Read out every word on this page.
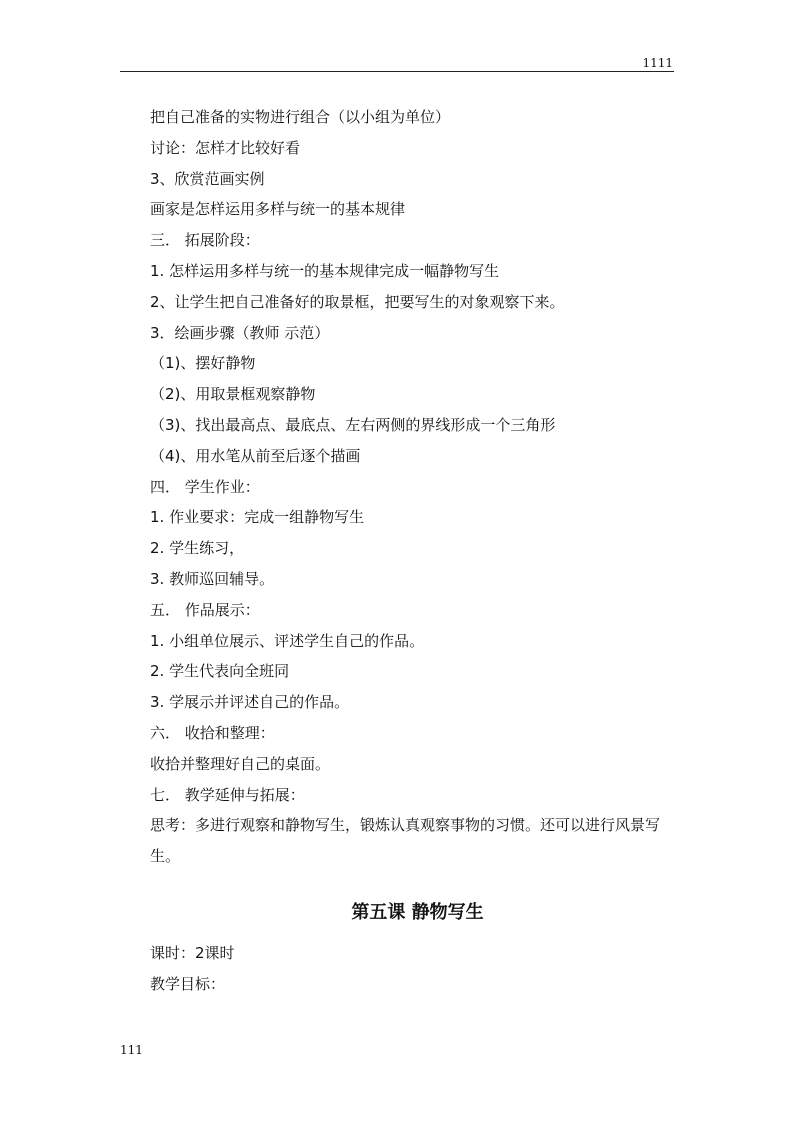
1111
把自己准备的实物进行组合（以小组为单位）
讨论：怎样才比较好看
3、欣赏范画实例
画家是怎样运用多样与统一的基本规律
三． 拓展阶段：
1. 怎样运用多样与统一的基本规律完成一幅静物写生
2、让学生把自己准备好的取景框，把要写生的对象观察下来。
3．绘画步骤（教师 示范）
（1)、摆好静物
（2)、用取景框观察静物
（3)、找出最高点、最底点、左右两侧的界线形成一个三角形
（4)、用水笔从前至后逐个描画
四． 学生作业：
1. 作业要求：完成一组静物写生
2. 学生练习，
3. 教师巡回辅导。
五． 作品展示：
1. 小组单位展示、评述学生自己的作品。
2. 学生代表向全班同
3. 学展示并评述自己的作品。
六． 收拾和整理：
收拾并整理好自己的桌面。
七． 教学延伸与拓展：
思考：多进行观察和静物写生，锻炼认真观察事物的习惯。还可以进行风景写生。
第五课 静物写生
课时：2课时
教学目标：
111
